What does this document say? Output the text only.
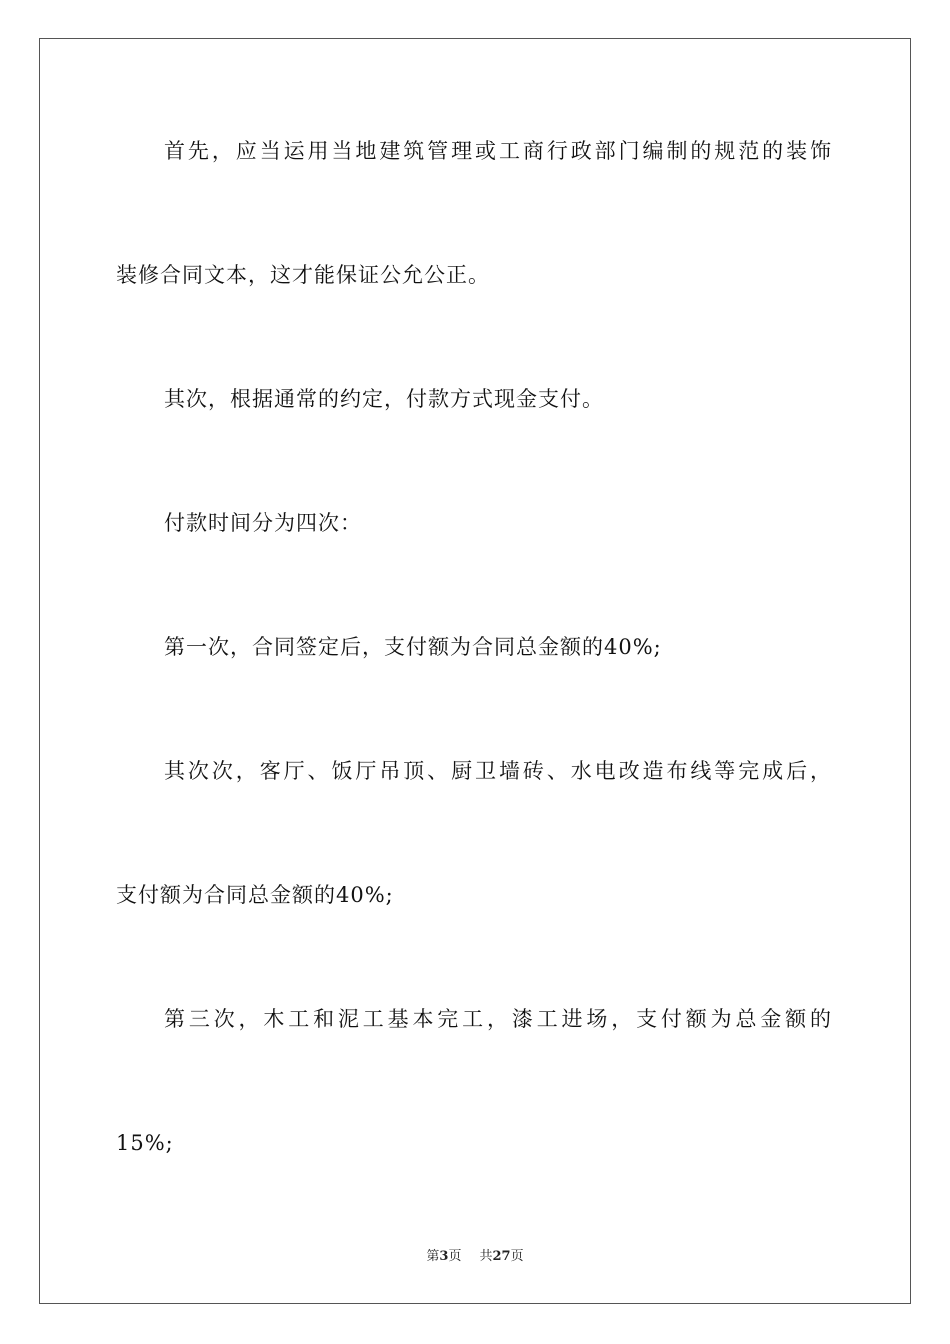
首先，应当运用当地建筑管理或工商行政部门编制的规范的装饰
装修合同文本，这才能保证公允公正。
其次，根据通常的约定，付款方式现金支付。
付款时间分为四次：
第一次，合同签定后，支付额为合同总金额的40%;
其次次，客厅、饭厅吊顶、厨卫墙砖、水电改造布线等完成后，
支付额为合同总金额的40%;
第三次，木工和泥工基本完工，漆工进场，支付额为总金额的
15%;
第3页 共27页
